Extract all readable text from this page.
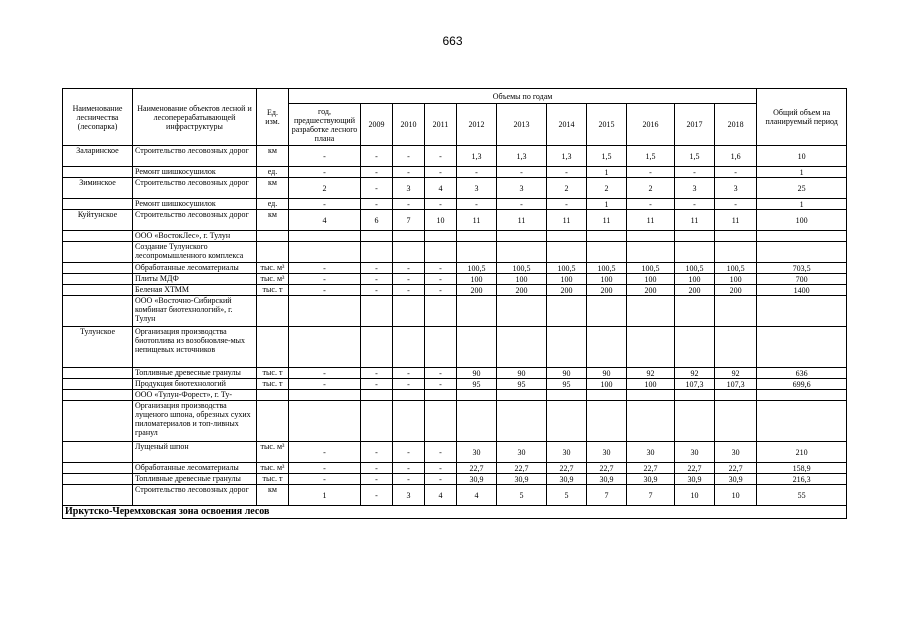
663
Наименование лесничества (лесопарка)	Наименование объектов лесной и лесоперерабатывающей инфраструктуры	Ед. изм.	Объемы по годам											Общий объем на планируемый период
			год, предшествующий разработке лесного плана	2009	2010	2011	2012	2013	2014	2015	2016	2017	2018	
Заларинское	Строительство лесовозных дорог	км	-	-	-	-	1,3	1,3	1,3	1,5	1,5	1,5	1,6	10
	Ремонт шишкосушилок	ед.	-	-	-	-	-	-	-	1	-	-	-	1
Зиминское	Строительство лесовозных дорог	км	2	-	3	4	3	3	2	2	2	3	3	25
	Ремонт шишкосушилок	ед.	-	-	-	-	-	-	-	1	-	-	-	1
Куйтунское	Строительство лесовозных дорог	км	4	6	7	10	11	11	11	11	11	11	11	100
	ООО «ВостокЛес», г. Тулун													
	Создание Тулунского лесопромышленного комплекса													
	Обработанные лесоматериалы	тыс. м³	-	-	-	-	100,5	100,5	100,5	100,5	100,5	100,5	100,5	703,5
	Плиты МДФ	тыс. м³	-	-	-	-	100	100	100	100	100	100	100	700
	Беленая ХТММ	тыс. т	-	-	-	-	200	200	200	200	200	200	200	1400
	ООО «Восточно-Сибирский комбинат биотехнологий», г. Тулун													
Тулунское	Организация производства биотоплива из возобновляе-мых непищевых источников													
	Топливные древесные гранулы	тыс. т	-	-	-	-	90	90	90	90	92	92	92	636
	Продукция биотехнологий	тыс. т	-	-	-	-	95	95	95	100	100	107,3	107,3	699,6
	ООО «Тулун-Форест», г. Ту-													
	Организация производства лущеного шпона, обрезных сухих пиломатериалов и топ-ливных гранул													
	Лущеный шпон	тыс. м³	-	-	-	-	30	30	30	30	30	30	30	210
	Обработанные лесоматериалы	тыс. м³	-	-	-	-	22,7	22,7	22,7	22,7	22,7	22,7	22,7	158,9
	Топливные древесные гранулы	тыс. т	-	-	-	-	30,9	30,9	30,9	30,9	30,9	30,9	30,9	216,3
	Строительство лесовозных дорог	км	1	-	3	4	4	5	5	7	7	10	10	55
Иркутско-Черемховская зона освоения лесов														
